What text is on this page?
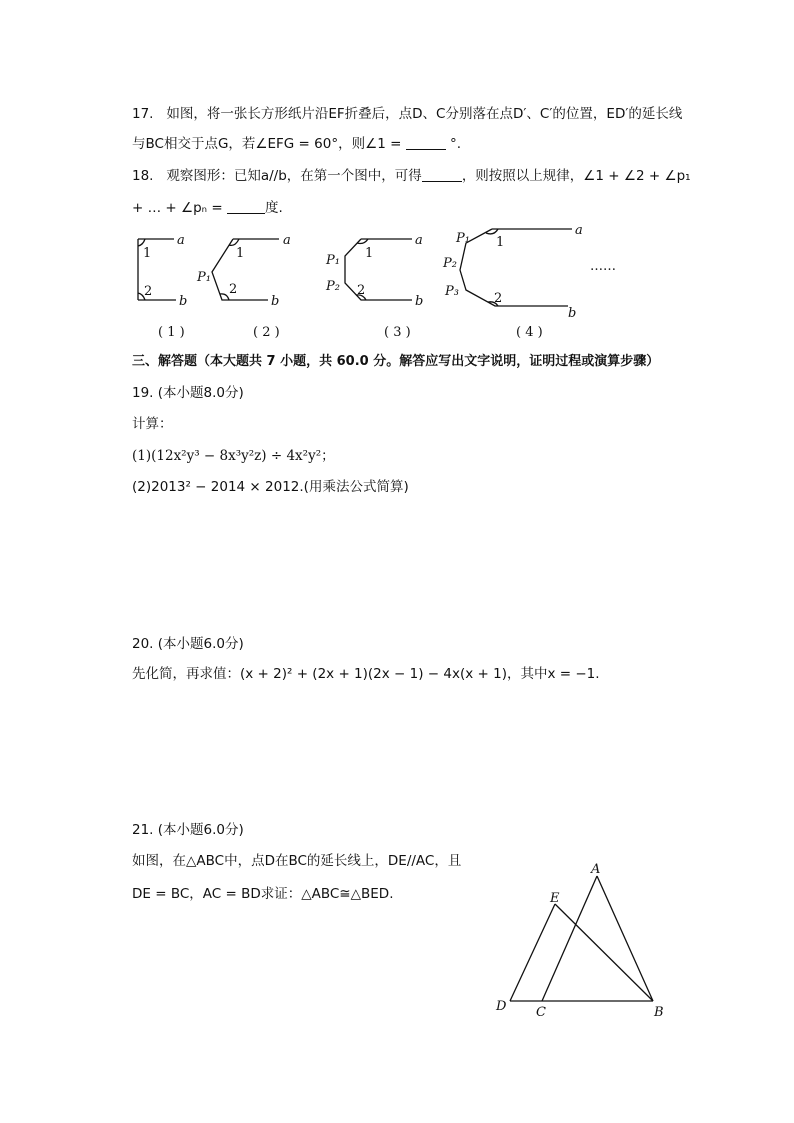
17. 如图，将一张长方形纸片沿EF折叠后，点D、C分别落在点D′、C′的位置，ED′的延长线
与BC相交于点G，若∠EFG = 60°，则∠1 =	°.
18. 观察图形：已知a//b，在第一个图中，可得	，则按照以上规律，∠1 + ∠2 + ∠p₁
+ … + ∠pₙ =	度.
a
b
a
b
a
b
a
b
P₁
P₁
P₂
P₁
P₂
P₃
1
2
1
2
1
2
1
2
……
( 1 )	( 2 )	( 3 )	( 4 )
三、解答题（本大题共 7 小题，共 60.0 分。解答应写出文字说明，证明过程或演算步骤）
19. (本小题8.0分)
计算：
(1)(12x²y³ − 8x³y²z) ÷ 4x²y²；
(2)2013² − 2014 × 2012.(用乘法公式简算)
20. (本小题6.0分)
先化简，再求值：(x + 2)² + (2x + 1)(2x − 1) − 4x(x + 1)，其中x = −1.
21. (本小题6.0分)
如图，在△ABC中，点D在BC的延长线上，DE//AC，且
DE = BC，AC = BD求证：△ABC≅△BED.
A
E
D C	B
